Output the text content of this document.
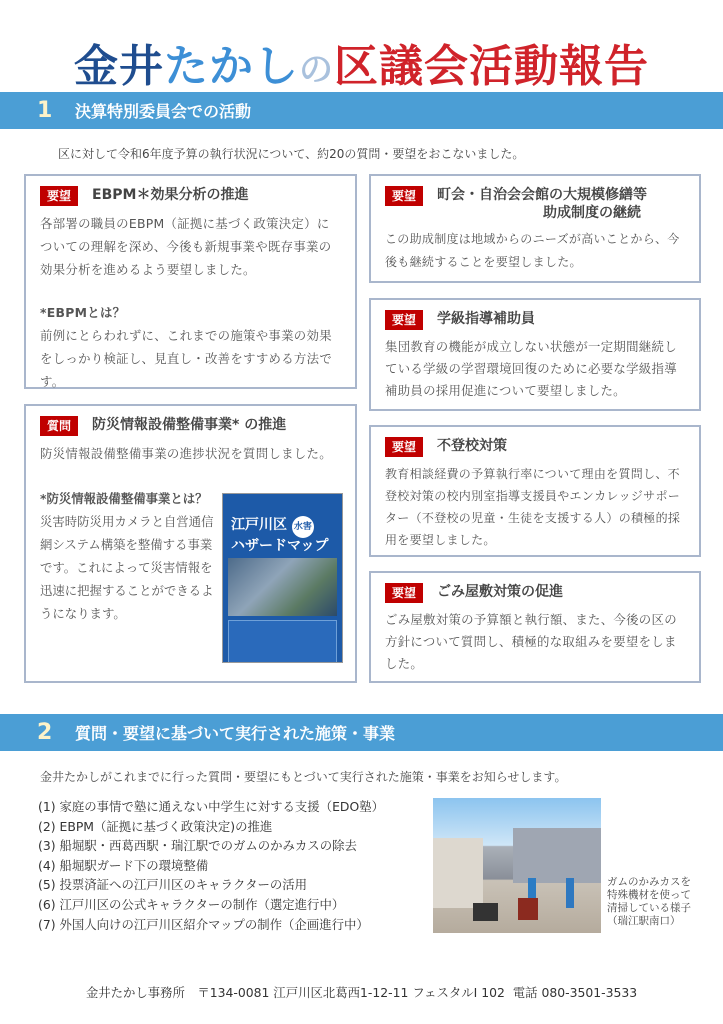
金井たかしの区議会活動報告
1	決算特別委員会での活動
区に対して令和6年度予算の執行状況について、約20の質問・要望をおこないました。
要望	EBPM＊効果分析の推進
各部署の職員のEBPM（証拠に基づく政策決定）についての理解を深め、今後も新規事業や既存事業の効果分析を進めるよう要望しました。
*EBPMとは？
前例にとらわれずに、これまでの施策や事業の効果をしっかり検証し、見直し・改善をすすめる方法です。
質問	防災情報設備整備事業* の推進
防災情報設備整備事業の進捗状況を質問しました。
*防災情報設備整備事業とは？
災害時防災用カメラと自営通信網システム構築を整備する事業です。これによって災害情報を迅速に把握することができるようになります。
江戸川区 水害
ハザードマップ
要望	町会・自治会会館の大規模修繕等

助成制度の継続
この助成制度は地域からのニーズが高いことから、今後も継続することを要望しました。
要望	学級指導補助員
集団教育の機能が成立しない状態が一定期間継続している学級の学習環境回復のために必要な学級指導補助員の採用促進について要望しました。
要望	不登校対策
教育相談経費の予算執行率について理由を質問し、不登校対策の校内別室指導支援員やエンカレッジサポーター（不登校の児童・生徒を支援する人）の積極的採用を要望しました。
要望	ごみ屋敷対策の促進
ごみ屋敷対策の予算額と執行額、また、今後の区の方針について質問し、積極的な取組みを要望をしました。
2	質問・要望に基づいて実行された施策・事業
金井たかしがこれまでに行った質問・要望にもとづいて実行された施策・事業をお知らせします。
(1) 家庭の事情で塾に通えない中学生に対する支援（EDO塾）
(2) EBPM（証拠に基づく政策決定)の推進
(3) 船堀駅・西葛西駅・瑞江駅でのガムのかみカスの除去
(4) 船堀駅ガード下の環境整備
(5) 投票済証への江戸川区のキャラクターの活用
(6) 江戸川区の公式キャラクターの制作（選定進行中）
(7) 外国人向けの江戸川区紹介マップの制作（企画進行中）
ガムのかみカスを
特殊機材を使って
清掃している様子
（瑞江駅南口）
金井たかし事務所　〒134-0081 江戸川区北葛西1-12-11 フェスタルⅠ 102  電話 080-3501-3533
